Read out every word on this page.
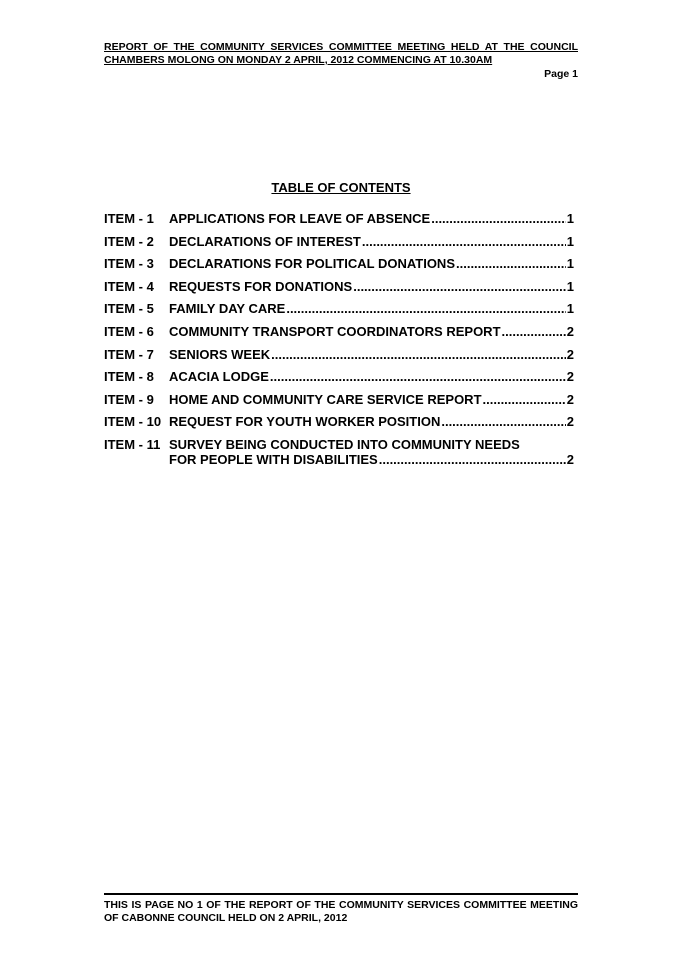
REPORT OF THE COMMUNITY SERVICES COMMITTEE MEETING HELD AT THE COUNCIL CHAMBERS MOLONG ON MONDAY 2 APRIL, 2012 COMMENCING AT 10.30AM
Page 1
TABLE OF CONTENTS
ITEM - 1	APPLICATIONS FOR LEAVE OF ABSENCE .....	1
ITEM - 2	DECLARATIONS OF INTEREST .....	1
ITEM - 3	DECLARATIONS FOR POLITICAL DONATIONS .....	1
ITEM - 4	REQUESTS FOR DONATIONS .....	1
ITEM - 5	FAMILY DAY CARE .....	1
ITEM - 6	COMMUNITY TRANSPORT COORDINATORS REPORT .....	2
ITEM - 7	SENIORS WEEK .....	2
ITEM - 8	ACACIA LODGE .....	2
ITEM - 9	HOME AND COMMUNITY CARE SERVICE REPORT .....	2
ITEM - 10 REQUEST FOR YOUTH WORKER POSITION .....	2
ITEM - 11 SURVEY BEING CONDUCTED INTO COMMUNITY NEEDS
FOR PEOPLE WITH DISABILITIES .....	2
THIS IS PAGE NO 1 OF THE REPORT OF THE COMMUNITY SERVICES COMMITTEE MEETING OF CABONNE COUNCIL HELD ON 2 APRIL, 2012
